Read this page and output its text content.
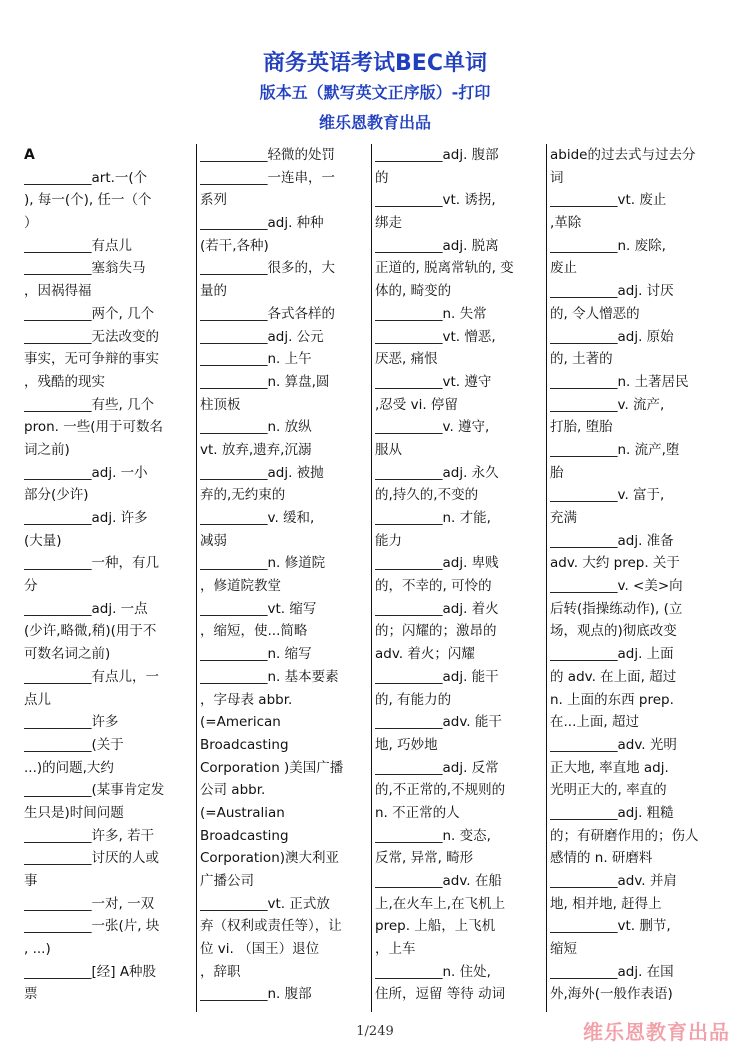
商务英语考试BEC单词
版本五（默写英文正序版）-打印
维乐恩教育出品
A
__________art.一(个
), 每一(个), 任一（个
）
__________有点儿
__________塞翁失马
，因祸得福
__________两个, 几个
__________无法改变的
事实，无可争辩的事实
，残酷的现实
__________有些, 几个
pron. 一些(用于可数名
词之前)
__________adj. 一小
部分(少许)
__________adj. 许多
(大量)
__________一种，有几
分
__________adj. 一点
(少许,略微,稍)(用于不
可数名词之前)
__________有点儿，一
点儿
__________许多
__________(关于
...)的问题,大约
__________(某事肯定发
生只是)时间问题
__________许多, 若干
__________讨厌的人或
事
__________一对, 一双
__________一张(片, 块
, ...)
__________[经] A种股
票
__________轻微的处罚
__________一连串，一
系列
__________adj. 种种
(若干,各种)
__________很多的，大
量的
__________各式各样的
__________adj. 公元
__________n. 上午
__________n. 算盘,圆
柱顶板
__________n. 放纵
vt. 放弃,遗弃,沉溺
__________adj. 被抛
弃的,无约束的
__________v. 缓和,
减弱
__________n. 修道院
，修道院教堂
__________vt. 缩写
，缩短，使...简略
__________n. 缩写
__________n. 基本要素
，字母表 abbr.
(=American
Broadcasting
Corporation )美国广播
公司 abbr.
(=Australian
Broadcasting
Corporation)澳大利亚
广播公司
__________vt. 正式放
弃（权利或责任等），让
位 vi. （国王）退位
，辞职
__________n. 腹部
__________adj. 腹部
的
__________vt. 诱拐,
绑走
__________adj. 脱离
正道的, 脱离常轨的, 变
体的, 畸变的
__________n. 失常
__________vt. 憎恶,
厌恶, 痛恨
__________vt. 遵守
,忍受 vi. 停留
__________v. 遵守,
服从
__________adj. 永久
的,持久的,不变的
__________n. 才能,
能力
__________adj. 卑贱
的，不幸的, 可怜的
__________adj. 着火
的；闪耀的；激昂的
adv. 着火；闪耀
__________adj. 能干
的, 有能力的
__________adv. 能干
地, 巧妙地
__________adj. 反常
的,不正常的,不规则的
n. 不正常的人
__________n. 变态,
反常, 异常, 畸形
__________adv. 在船
上,在火车上,在飞机上
prep. 上船，上飞机
，上车
__________n. 住处,
住所，逗留 等待 动词
abide的过去式与过去分
词
__________vt. 废止
,革除
__________n. 废除,
废止
__________adj. 讨厌
的, 令人憎恶的
__________adj. 原始
的, 土著的
__________n. 土著居民
__________v. 流产,
打胎, 堕胎
__________n. 流产,堕
胎
__________v. 富于,
充满
__________adj. 准备
adv. 大约 prep. 关于
__________v. <美>向
后转(指操练动作), (立
场，观点的)彻底改变
__________adj. 上面
的 adv. 在上面, 超过
n. 上面的东西 prep.
在...上面, 超过
__________adv. 光明
正大地, 率直地 adj.
光明正大的, 率直的
__________adj. 粗糙
的；有研磨作用的；伤人
感情的 n. 研磨料
__________adv. 并肩
地, 相并地, 赶得上
__________vt. 删节,
缩短
__________adj. 在国
外,海外(一般作表语)
1/249	维乐恩教育出品
